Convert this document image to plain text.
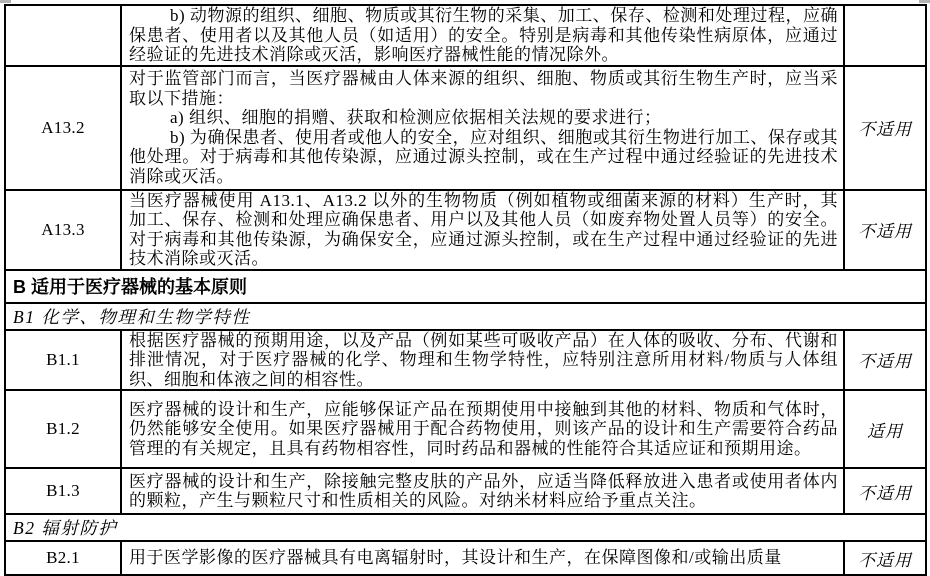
	b) 动物源的组织、细胞、物质或其衍生物的采集、加工、保存、检测和处理过程，应确保患者、使用者以及其他人员（如适用）的安全。特别是病毒和其他传染性病原体，应通过经验证的先进技术消除或灭活，影响医疗器械性能的情况除外。	

A13.2	对于监管部门而言，当医疗器械由人体来源的组织、细胞、物质或其衍生物生产时，应当采取以下措施：

a) 组织、细胞的捐赠、获取和检测应依据相关法规的要求进行；

b) 为确保患者、使用者或他人的安全，应对组织、细胞或其衍生物进行加工、保存或其他处理。对于病毒和其他传染源，应通过源头控制，或在生产过程中通过经验证的先进技术消除或灭活。	不适用
A13.3	当医疗器械使用 A13.1、A13.2 以外的生物物质（例如植物或细菌来源的材料）生产时，其加工、保存、检测和处理应确保患者、用户以及其他人员（如废弃物处置人员等）的安全。对于病毒和其他传染源，为确保安全，应通过源头控制，或在生产过程中通过经验证的先进技术消除或灭活。	不适用
B 适用于医疗器械的基本原则		
B1 化学、物理和生物学特性		
B1.1	根据医疗器械的预期用途，以及产品（例如某些可吸收产品）在人体的吸收、分布、代谢和排泄情况，对于医疗器械的化学、物理和生物学特性，应特别注意所用材料/物质与人体组织、细胞和体液之间的相容性。	不适用
B1.2	医疗器械的设计和生产，应能够保证产品在预期使用中接触到其他的材料、物质和气体时，仍然能够安全使用。如果医疗器械用于配合药物使用，则该产品的设计和生产需要符合药品管理的有关规定，且具有药物相容性，同时药品和器械的性能符合其适应证和预期用途。	适用
B1.3	医疗器械的设计和生产，除接触完整皮肤的产品外，应适当降低释放进入患者或使用者体内的颗粒，产生与颗粒尺寸和性质相关的风险。对纳米材料应给予重点关注。	不适用
B2 辐射防护		
B2.1	用于医学影像的医疗器械具有电离辐射时，其设计和生产，在保障图像和/或输出质量	不适用
